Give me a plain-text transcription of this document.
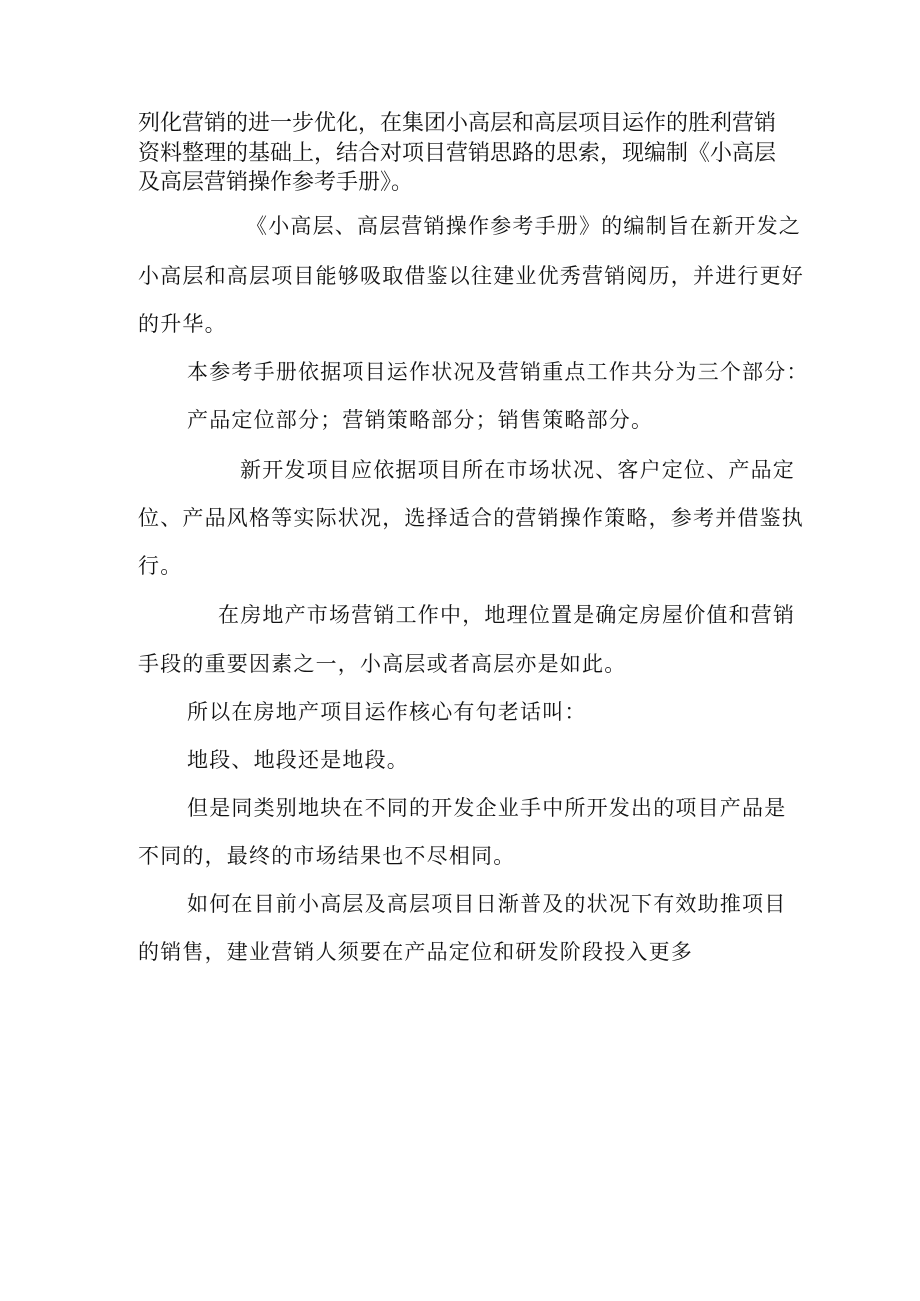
列化营销的进一步优化，在集团小高层和高层项目运作的胜利营销

资料整理的基础上，结合对项目营销思路的思索，现编制《小高层

及高层营销操作参考手册》。

《小高层、高层营销操作参考手册》的编制旨在新开发之

小高层和高层项目能够吸取借鉴以往建业优秀营销阅历，并进行更好

的升华。

本参考手册依据项目运作状况及营销重点工作共分为三个部分：

产品定位部分；营销策略部分；销售策略部分。

新开发项目应依据项目所在市场状况、客户定位、产品定

位、产品风格等实际状况，选择适合的营销操作策略，参考并借鉴执

行。

在房地产市场营销工作中，地理位置是确定房屋价值和营销

手段的重要因素之一，小高层或者高层亦是如此。

所以在房地产项目运作核心有句老话叫：

地段、地段还是地段。

但是同类别地块在不同的开发企业手中所开发出的项目产品是

不同的，最终的市场结果也不尽相同。

如何在目前小高层及高层项目日渐普及的状况下有效助推项目

的销售，建业营销人须要在产品定位和研发阶段投入更多
